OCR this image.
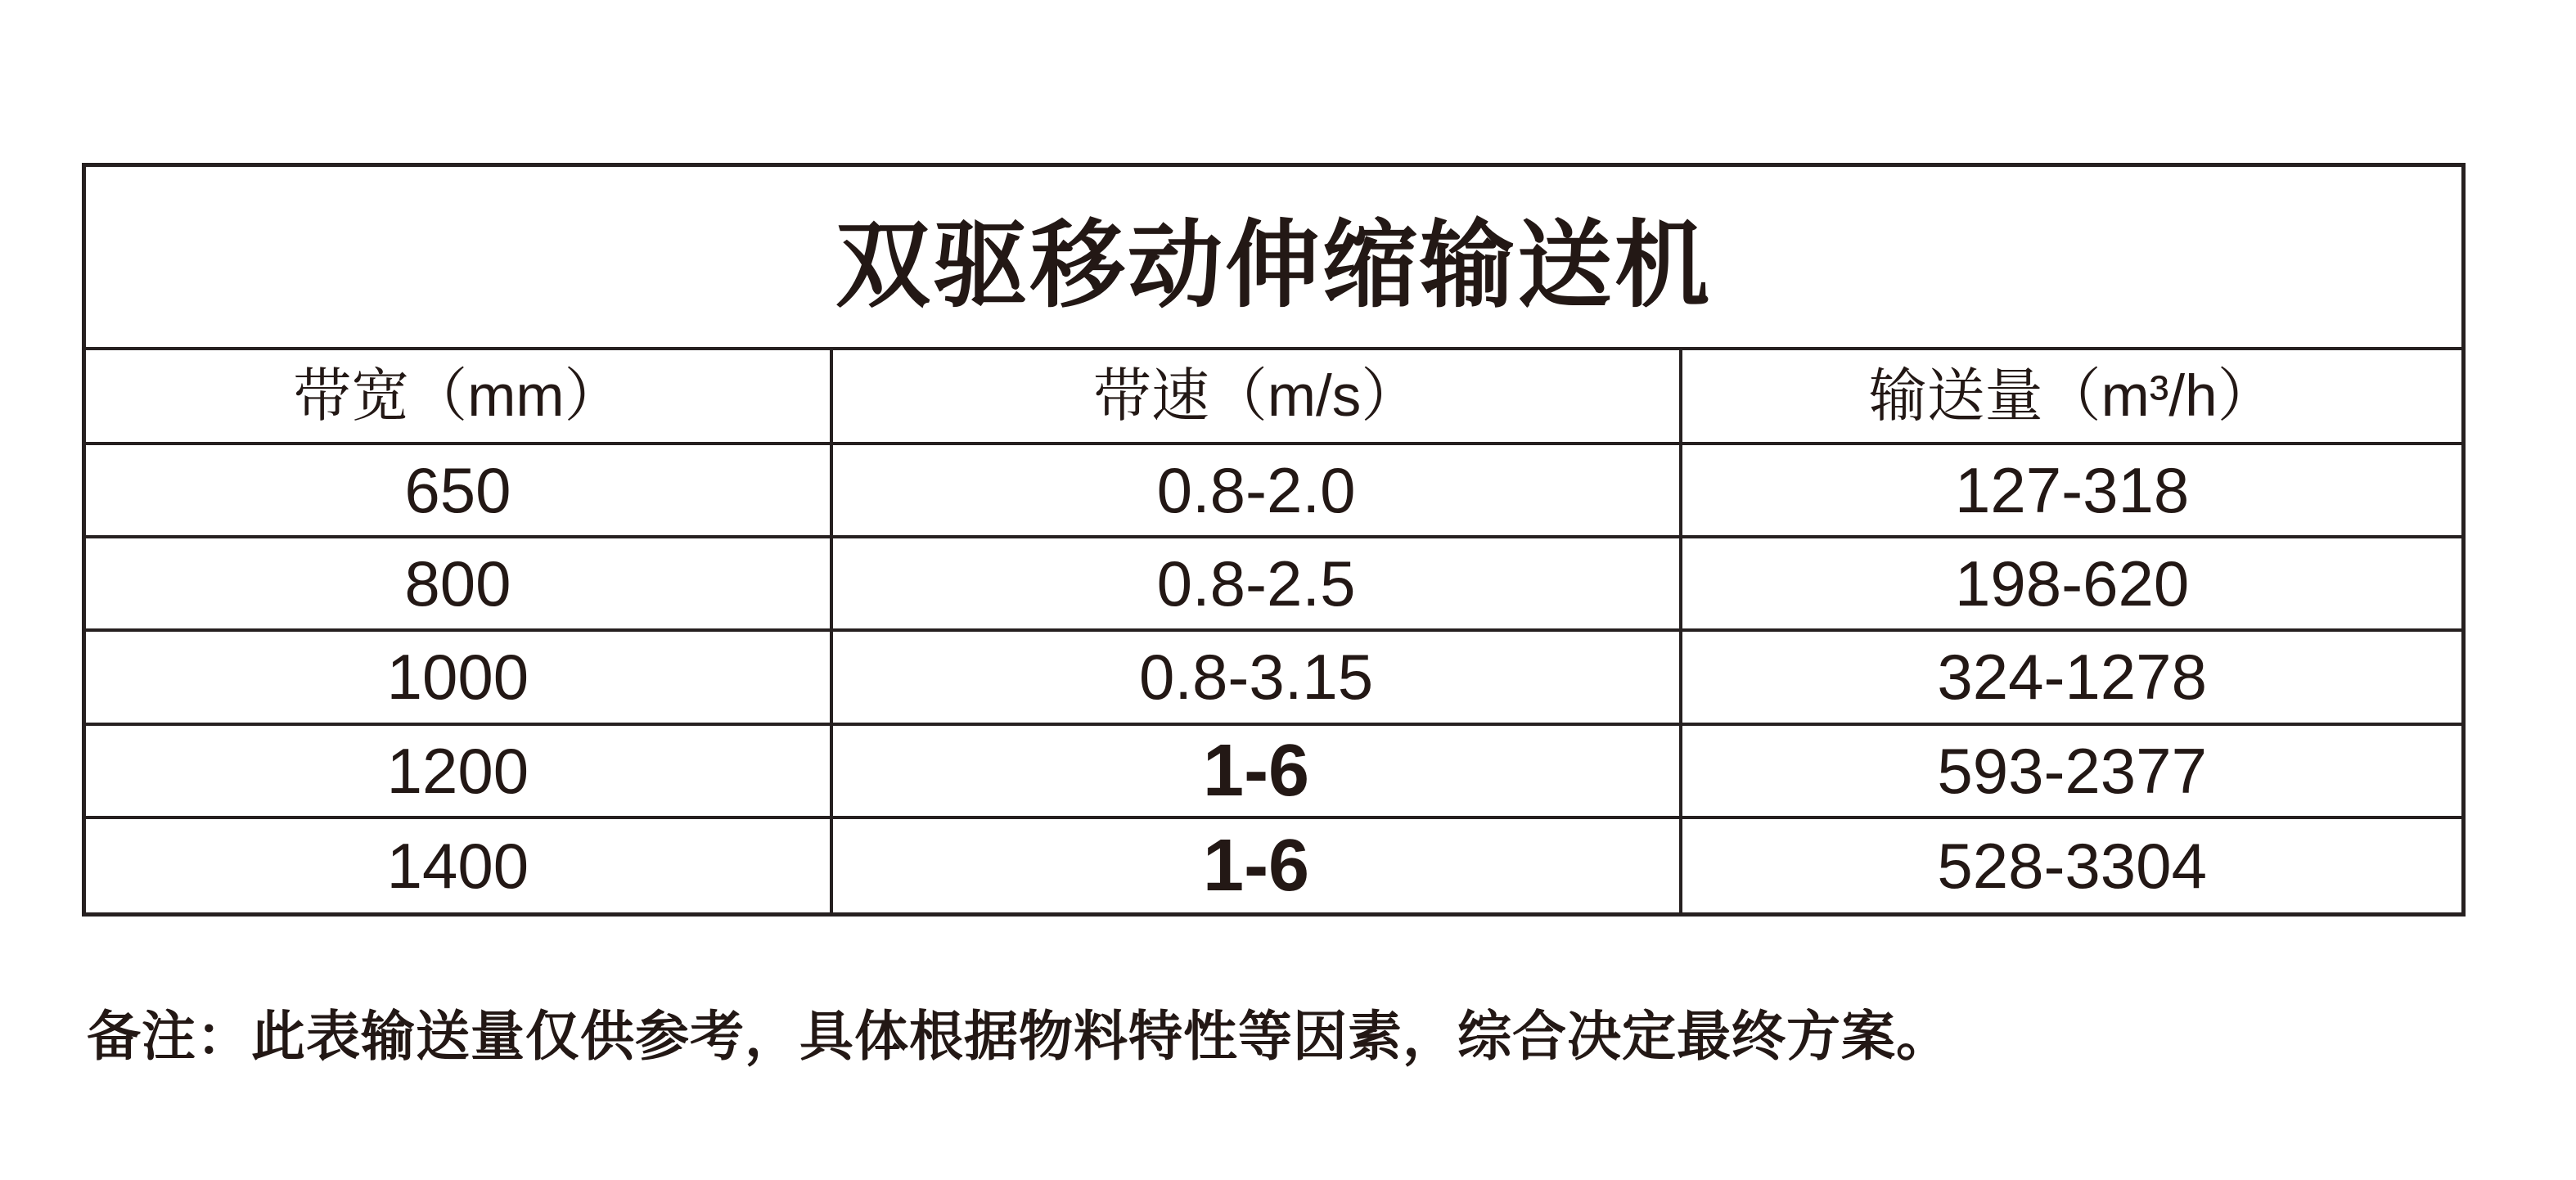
双驱移动伸缩输送机
带宽（mm）	带速（m/s）	输送量（m³/h）
650	0.8-2.0	127-318
800	0.8-2.5	198-620
1000	0.8-3.15	324-1278
1200	1-6	593-2377
1400	1-6	528-3304
备注：此表输送量仅供参考，具体根据物料特性等因素，综合决定最终方案。
